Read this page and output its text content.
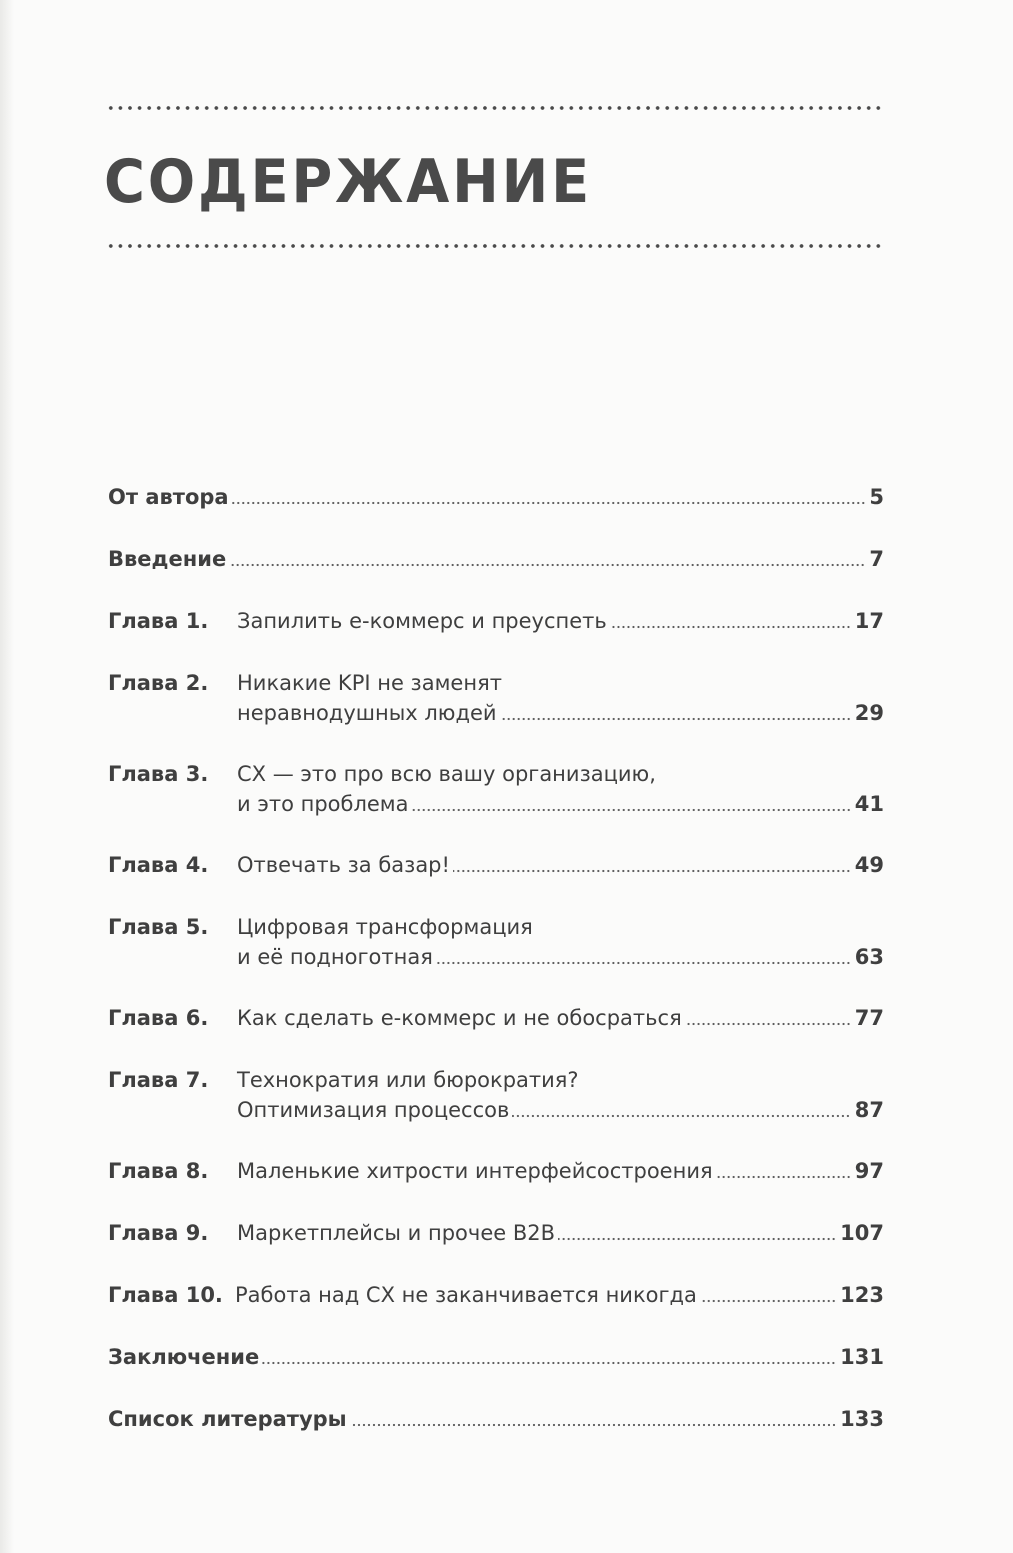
СОДЕРЖАНИЕ
От автора	5
Введение	7
Глава 1.	Запилить е-коммерс и преуспеть	17
Глава 2.	Никакие KPI не заменят
неравнодушных людей	29
Глава 3.	CX — это про всю вашу организацию,
и это проблема	41
Глава 4.	Отвечать за базар!	49
Глава 5.	Цифровая трансформация
и её подноготная	63
Глава 6.	Как сделать е-коммерс и не обосраться	77
Глава 7.	Технократия или бюрократия?
Оптимизация процессов	87
Глава 8.	Маленькие хитрости интерфейсостроения	97
Глава 9.	Маркетплейсы и прочее B2B	107
Глава 10. Работа над CX не заканчивается никогда	123
Заключение	131
Список литературы	133
